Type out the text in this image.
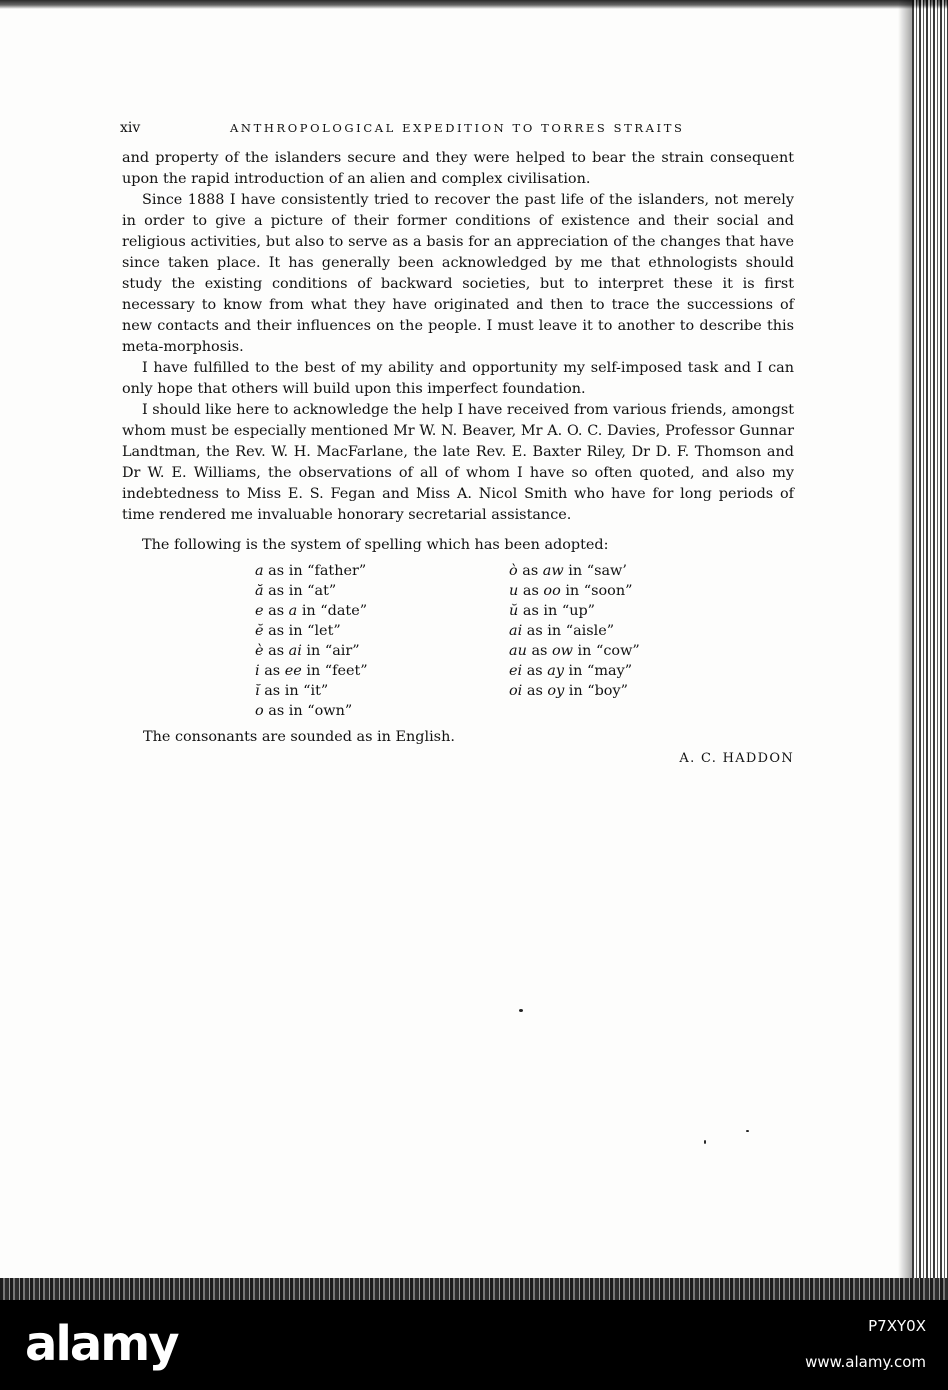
xiv	ANTHROPOLOGICAL EXPEDITION TO TORRES STRAITS

and property of the islanders secure and they were helped to bear the strain consequent upon the rapid introduction of an alien and complex civilisation.

Since 1888 I have consistently tried to recover the past life of the islanders, not merely in order to give a picture of their former conditions of existence and their social and religious activities, but also to serve as a basis for an appreciation of the changes that have since taken place. It has generally been acknowledged by me that ethnologists should study the existing conditions of backward societies, but to interpret these it is first necessary to know from what they have originated and then to trace the successions of new contacts and their influences on the people. I must leave it to another to describe this meta-morphosis.

I have fulfilled to the best of my ability and opportunity my self-imposed task and I can only hope that others will build upon this imperfect foundation.

I should like here to acknowledge the help I have received from various friends, amongst whom must be especially mentioned Mr W. N. Beaver, Mr A. O. C. Davies, Professor Gunnar Landtman, the Rev. W. H. MacFarlane, the late Rev. E. Baxter Riley, Dr D. F. Thomson and Dr W. E. Williams, the observations of all of whom I have so often quoted, and also my indebtedness to Miss E. S. Fegan and Miss A. Nicol Smith who have for long periods of time rendered me invaluable honorary secretarial assistance.

The following is the system of spelling which has been adopted:
a as in “father”
ă as in “at”
e as a in “date”
ĕ as in “let”
è as ai in “air”
i as ee in “feet”
ĭ as in “it”
o as in “own”
ò as aw in “saw’
u as oo in “soon”
ŭ as in “up”
ai as in “aisle”
au as ow in “cow”
ei as ay in “may”
oi as oy in “boy”
The consonants are sounded as in English.
A. C. HADDON
alamy	P7XY0X
www.alamy.com
